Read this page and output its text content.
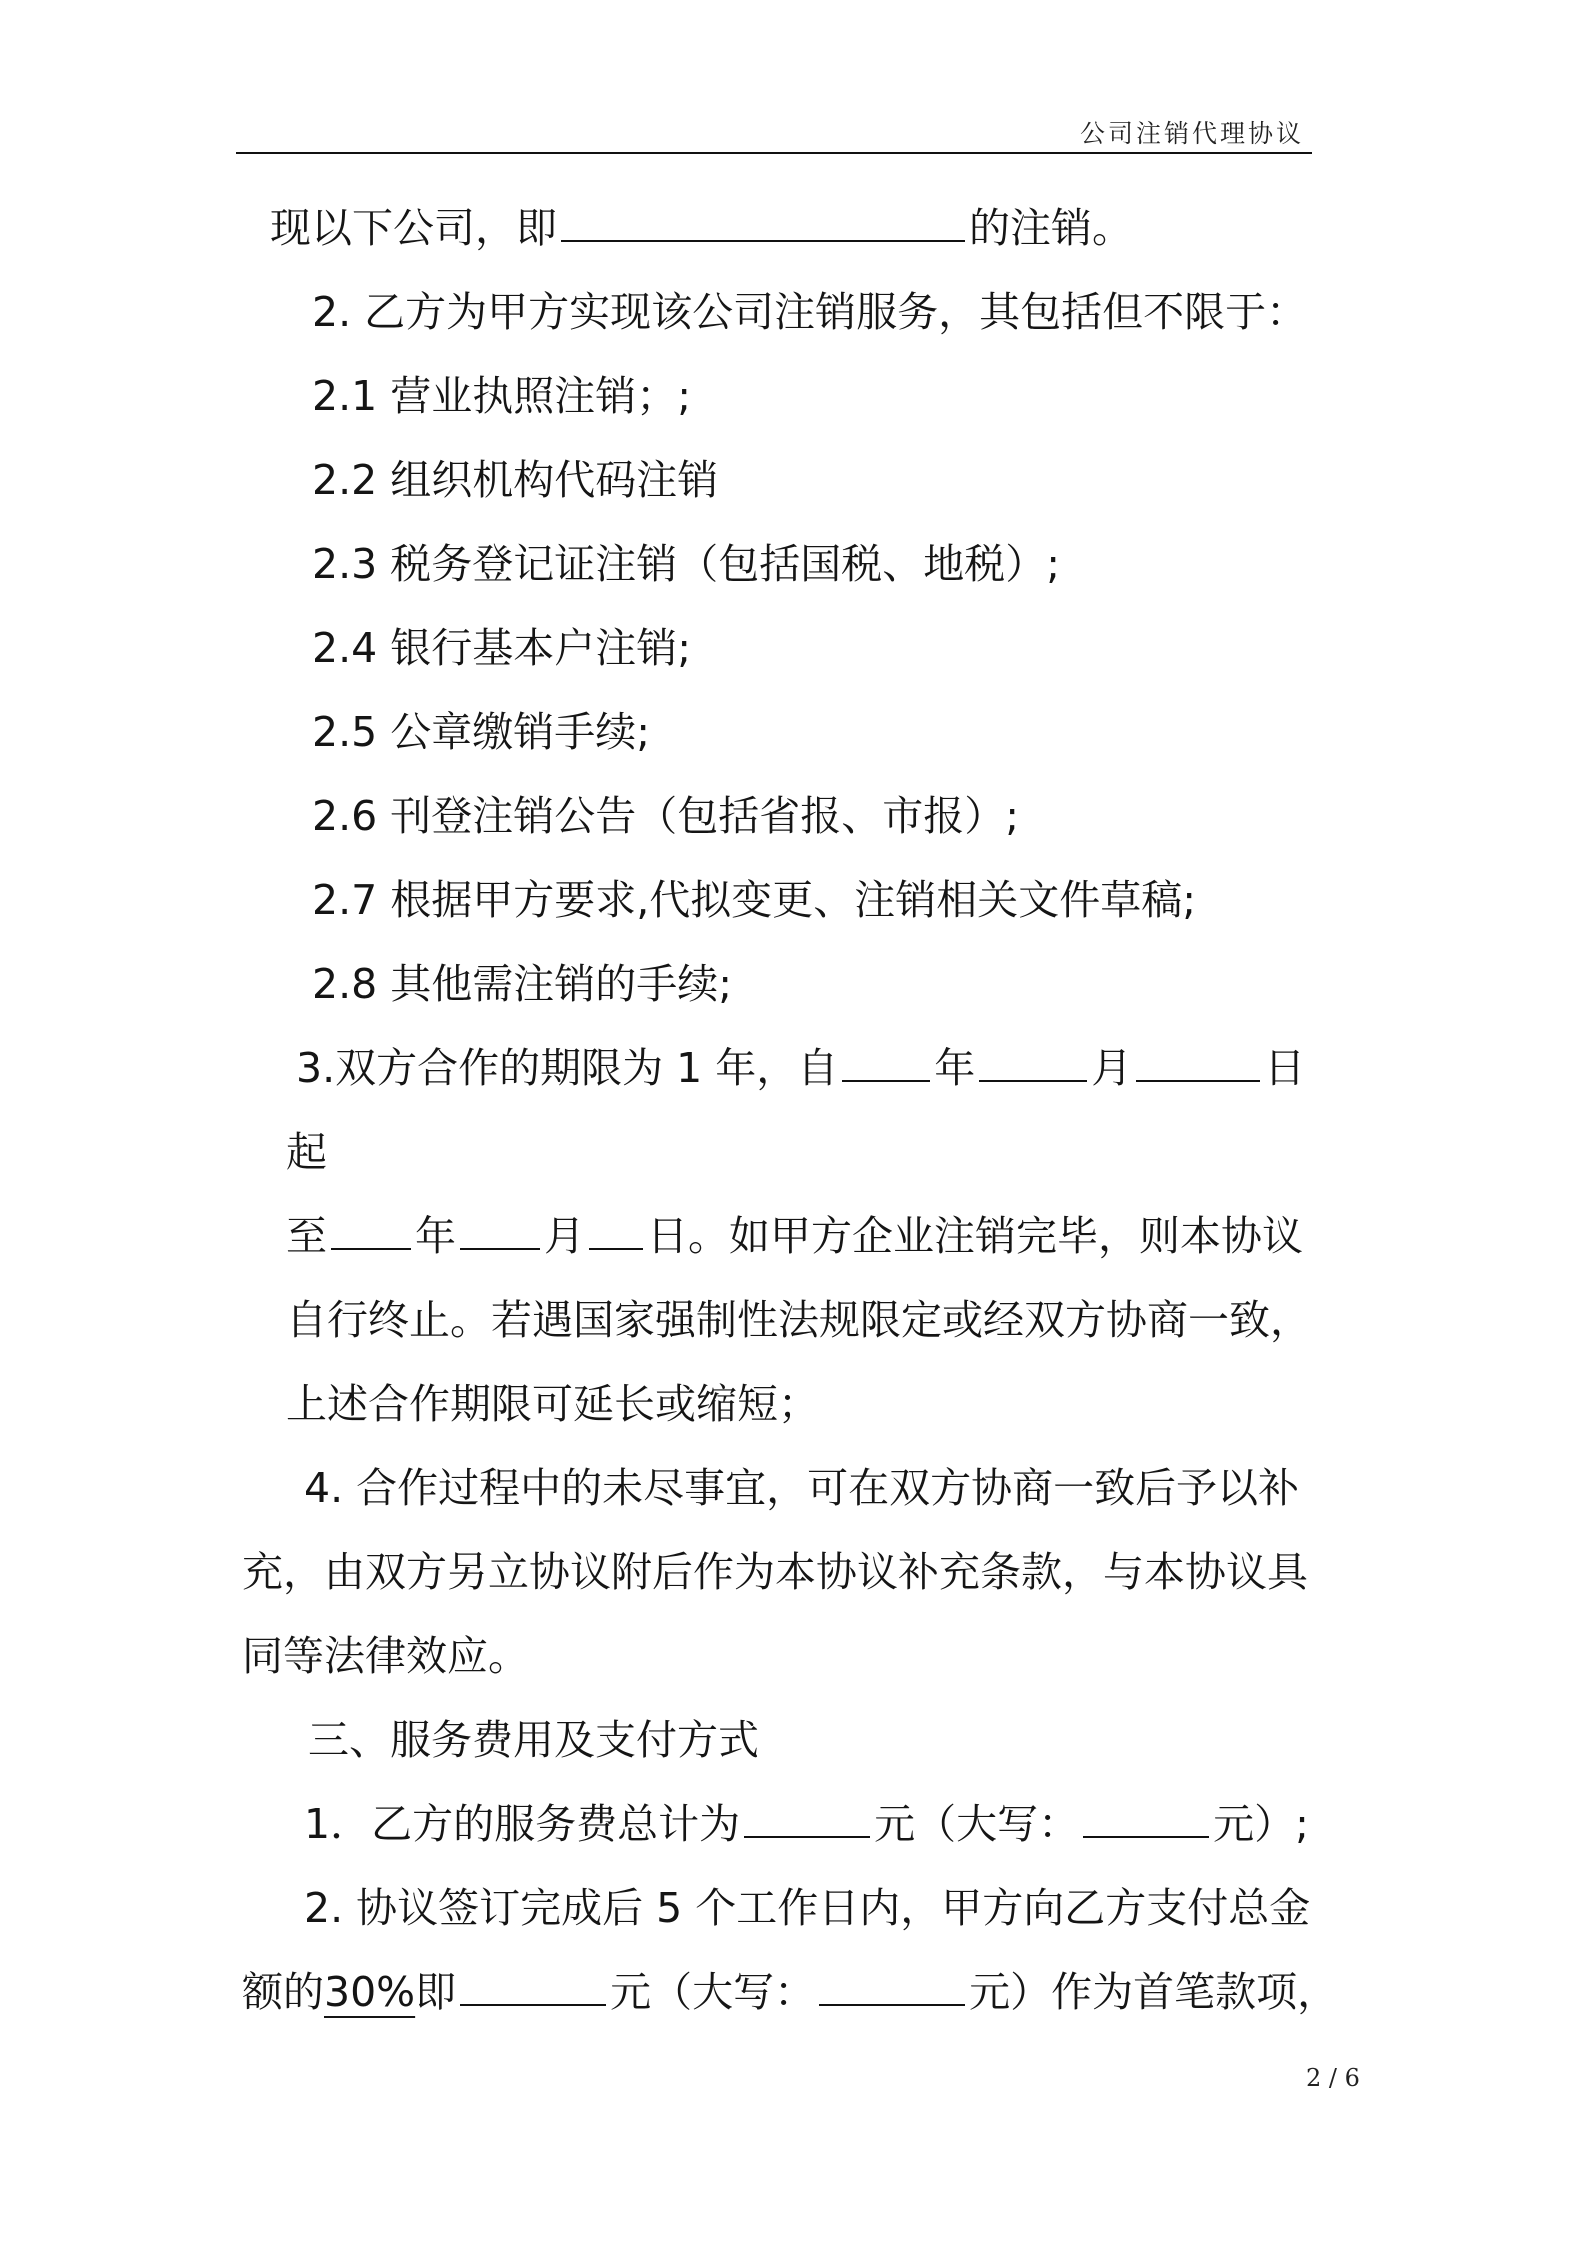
公司注销代理协议
现以下公司，即	的注销。
2. 乙方为甲方实现该公司注销服务，其包括但不限于：
2.1 营业执照注销；;
2.2 组织机构代码注销
2.3 税务登记证注销（包括国税、地税）;
2.4 银行基本户注销;
2.5 公章缴销手续;
2.6 刊登注销公告（包括省报、市报）;
2.7 根据甲方要求,代拟变更、注销相关文件草稿;
2.8 其他需注销的手续;
3.双方合作的期限为 1 年，自 年	月	日
起
至 年 月 日。如甲方企业注销完毕，则本协议
自行终止。若遇国家强制性法规限定或经双方协商一致，
上述合作期限可延长或缩短；
4. 合作过程中的未尽事宜，可在双方协商一致后予以补
充，由双方另立协议附后作为本协议补充条款，与本协议具
同等法律效应。
三、服务费用及支付方式
1．乙方的服务费总计为	元（大写：	元）;
2. 协议签订完成后 5 个工作日内，甲方向乙方支付总金
额的30%即	元（大写：	元）作为首笔款项，
2 / 6
